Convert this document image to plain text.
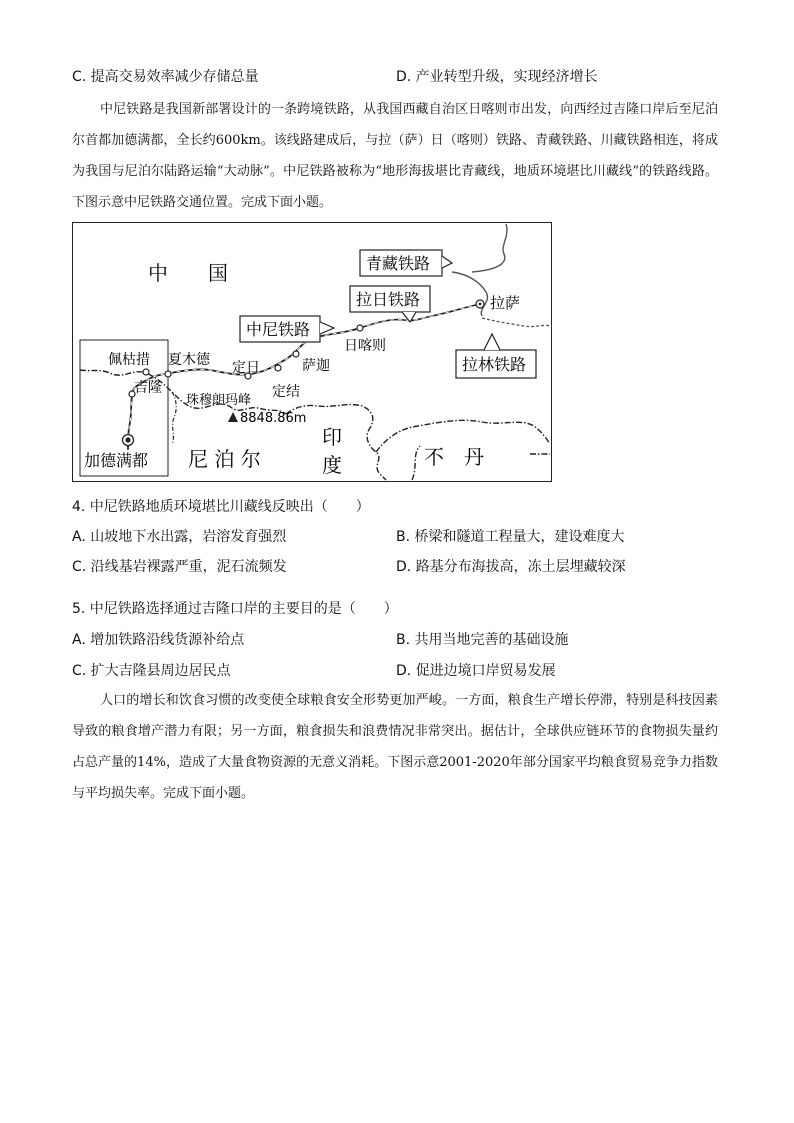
C. 提高交易效率减少存储总量	D. 产业转型升级，实现经济增长
中尼铁路是我国新部署设计的一条跨境铁路，从我国西藏自治区日喀则市出发，向西经过吉隆口岸后至尼泊尔首都加德满都，全长约600km。该线路建成后，与拉（萨）日（喀则）铁路、青藏铁路、川藏铁路相连，将成为我国与尼泊尔陆路运输“大动脉”。中尼铁路被称为“地形海拔堪比青藏线，地质环境堪比川藏线”的铁路线路。下图示意中尼铁路交通位置。完成下面小题。
中　　国
尼 泊 尔
印
度	不　丹
青藏铁路
拉日铁路
中尼铁路
拉林铁路
拉萨
日喀则
萨迦
定结
定日
夏木德
佩枯措
吉隆
加德满都
珠穆朗玛峰
8848.86m
4. 中尼铁路地质环境堪比川藏线反映出（　　）
A. 山坡地下水出露，岩溶发育强烈	B. 桥梁和隧道工程量大，建设难度大
C. 沿线基岩裸露严重，泥石流频发	D. 路基分布海拔高，冻土层埋藏较深
5. 中尼铁路选择通过吉隆口岸的主要目的是（　　）
A. 增加铁路沿线货源补给点	B. 共用当地完善的基础设施
C. 扩大吉隆县周边居民点	D. 促进边境口岸贸易发展
人口的增长和饮食习惯的改变使全球粮食安全形势更加严峻。一方面，粮食生产增长停滞，特别是科技因素导致的粮食增产潜力有限；另一方面，粮食损失和浪费情况非常突出。据估计，全球供应链环节的食物损失量约占总产量的14%，造成了大量食物资源的无意义消耗。下图示意2001-2020年部分国家平均粮食贸易竞争力指数与平均损失率。完成下面小题。
